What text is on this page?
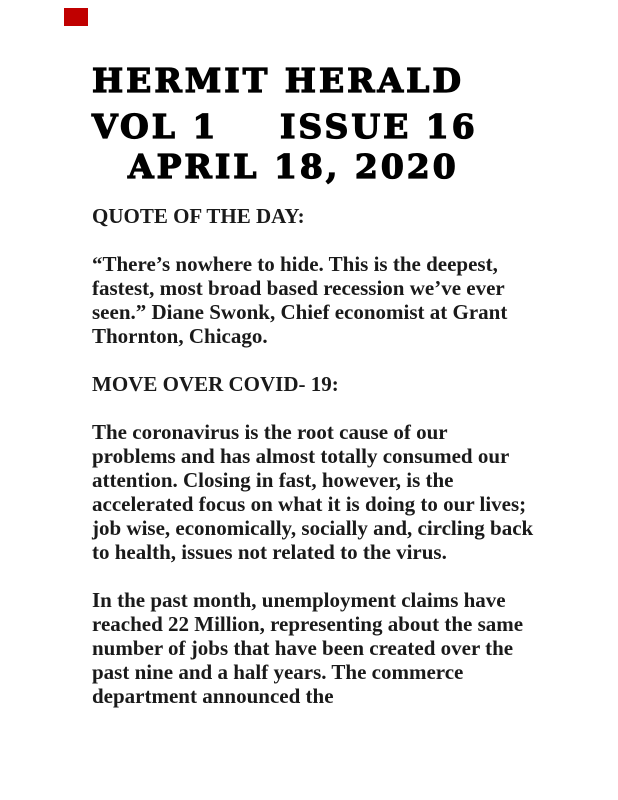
HERMIT HERALD
VOL 1 ISSUE 16
APRIL 18, 2020
QUOTE OF THE DAY:

“There’s nowhere to hide. This is the deepest, fastest, most broad based recession we’ve ever seen.” Diane Swonk, Chief economist at Grant Thornton, Chicago.

MOVE OVER COVID- 19:

The coronavirus is the root cause of our problems and has almost totally consumed our attention. Closing in fast, however, is the accelerated focus on what it is doing to our lives; job wise, economically, socially and, circling back to health, issues not related to the virus.

In the past month, unemployment claims have reached 22 Million, representing about the same number of jobs that have been created over the past nine and a half years. The commerce department announced the
